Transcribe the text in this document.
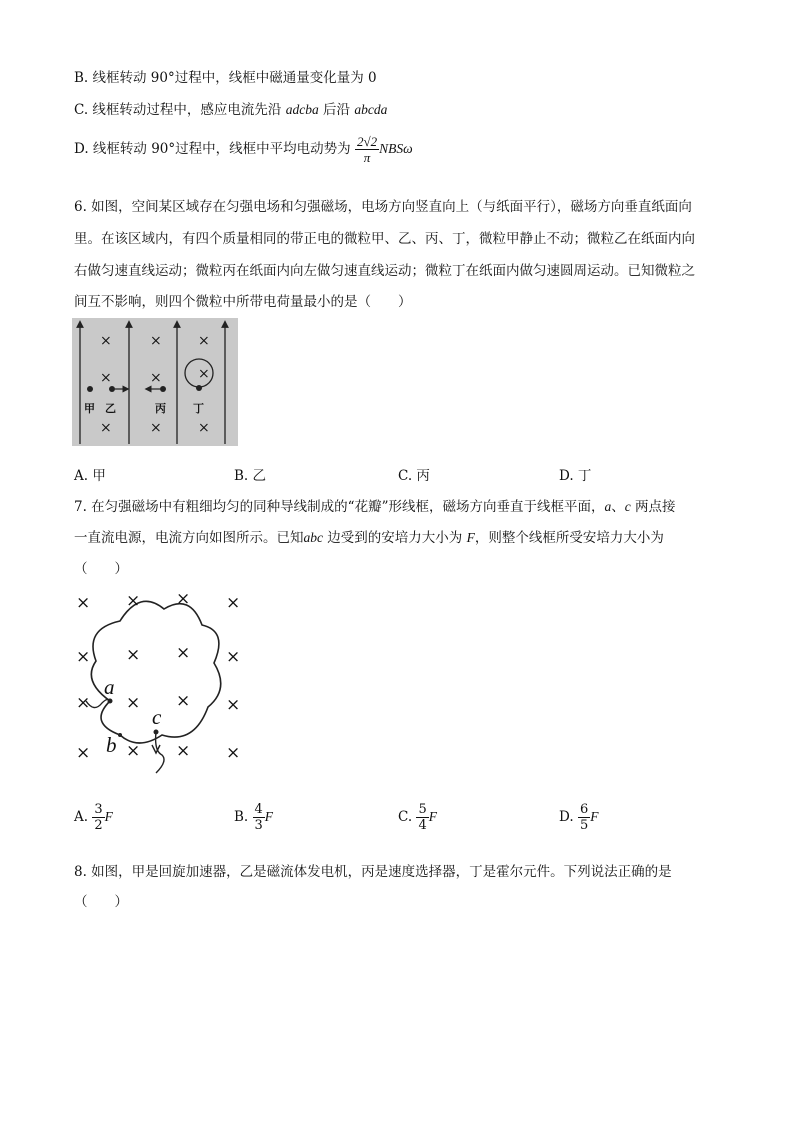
B. 线框转动 90°过程中，线框中磁通量变化量为 0
C. 线框转动过程中，感应电流先沿 adcba 后沿 abcda
D. 线框转动 90°过程中，线框中平均电动势为 $\frac{2√2}{\pi}$ NBSω
6. 如图，空间某区域存在匀强电场和匀强磁场，电场方向竖直向上（与纸面平行），磁场方向垂直纸面向
里。在该区域内，有四个质量相同的带正电的微粒甲、乙、丙、丁，微粒甲静止不动；微粒乙在纸面内向
右做匀速直线运动；微粒丙在纸面内向左做匀速直线运动；微粒丁在纸面内做匀速圆周运动。已知微粒之
间互不影响，则四个微粒中所带电荷量最小的是（　　）
×	×	×
×	×	×
×	×	×
甲 乙	丙 丁
A. 甲	B. 乙	C. 丙	D. 丁
7. 在匀强磁场中有粗细均匀的同种导线制成的“花瓣”形线框，磁场方向垂直于线框平面，a、c 两点接
一直流电源，电流方向如图所示。已知abc 边受到的安培力大小为 F，则整个线框所受安培力大小为
（　　）
× × × ×
× × × ×
× × × ×
× × × ×
a
b
c
A. $\frac{3}{2}$ F	B. $\frac{4}{3}$ F	C. $\frac{5}{4}$ F	D. $\frac{6}{5}$ F
8. 如图，甲是回旋加速器，乙是磁流体发电机，丙是速度选择器，丁是霍尔元件。下列说法正确的是
（　　）
